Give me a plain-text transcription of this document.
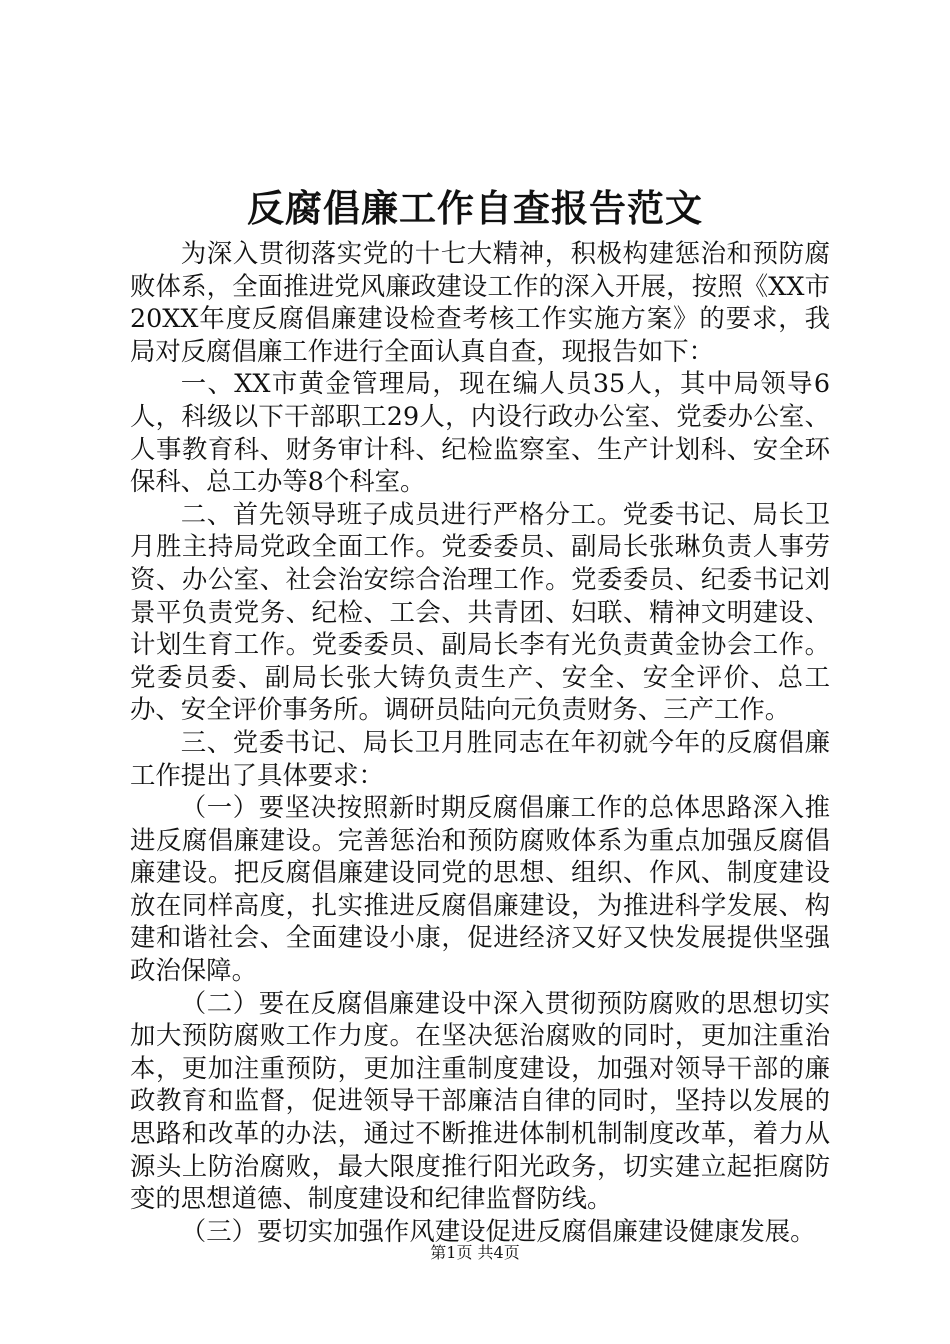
反腐倡廉工作自查报告范文

为深入贯彻落实党的十七大精神，积极构建惩治和预防腐败体系，全面推进党风廉政建设工作的深入开展，按照《XX市20XX年度反腐倡廉建设检查考核工作实施方案》的要求，我局对反腐倡廉工作进行全面认真自查，现报告如下：

一、XX市黄金管理局，现在编人员35人，其中局领导6人，科级以下干部职工29人，内设行政办公室、党委办公室、人事教育科、财务审计科、纪检监察室、生产计划科、安全环保科、总工办等8个科室。

二、首先领导班子成员进行严格分工。党委书记、局长卫月胜主持局党政全面工作。党委委员、副局长张琳负责人事劳资、办公室、社会治安综合治理工作。党委委员、纪委书记刘景平负责党务、纪检、工会、共青团、妇联、精神文明建设、计划生育工作。党委委员、副局长李有光负责黄金协会工作。党委员委、副局长张大铸负责生产、安全、安全评价、总工办、安全评价事务所。调研员陆向元负责财务、三产工作。

三、党委书记、局长卫月胜同志在年初就今年的反腐倡廉工作提出了具体要求：

（一）要坚决按照新时期反腐倡廉工作的总体思路深入推进反腐倡廉建设。完善惩治和预防腐败体系为重点加强反腐倡廉建设。把反腐倡廉建设同党的思想、组织、作风、制度建设放在同样高度，扎实推进反腐倡廉建设，为推进科学发展、构建和谐社会、全面建设小康，促进经济又好又快发展提供坚强政治保障。

（二）要在反腐倡廉建设中深入贯彻预防腐败的思想切实加大预防腐败工作力度。在坚决惩治腐败的同时，更加注重治本，更加注重预防，更加注重制度建设，加强对领导干部的廉政教育和监督，促进领导干部廉洁自律的同时，坚持以发展的思路和改革的办法，通过不断推进体制机制制度改革，着力从源头上防治腐败，最大限度推行阳光政务，切实建立起拒腐防变的思想道德、制度建设和纪律监督防线。

（三）要切实加强作风建设促进反腐倡廉建设健康发展。

第1页 共4页
